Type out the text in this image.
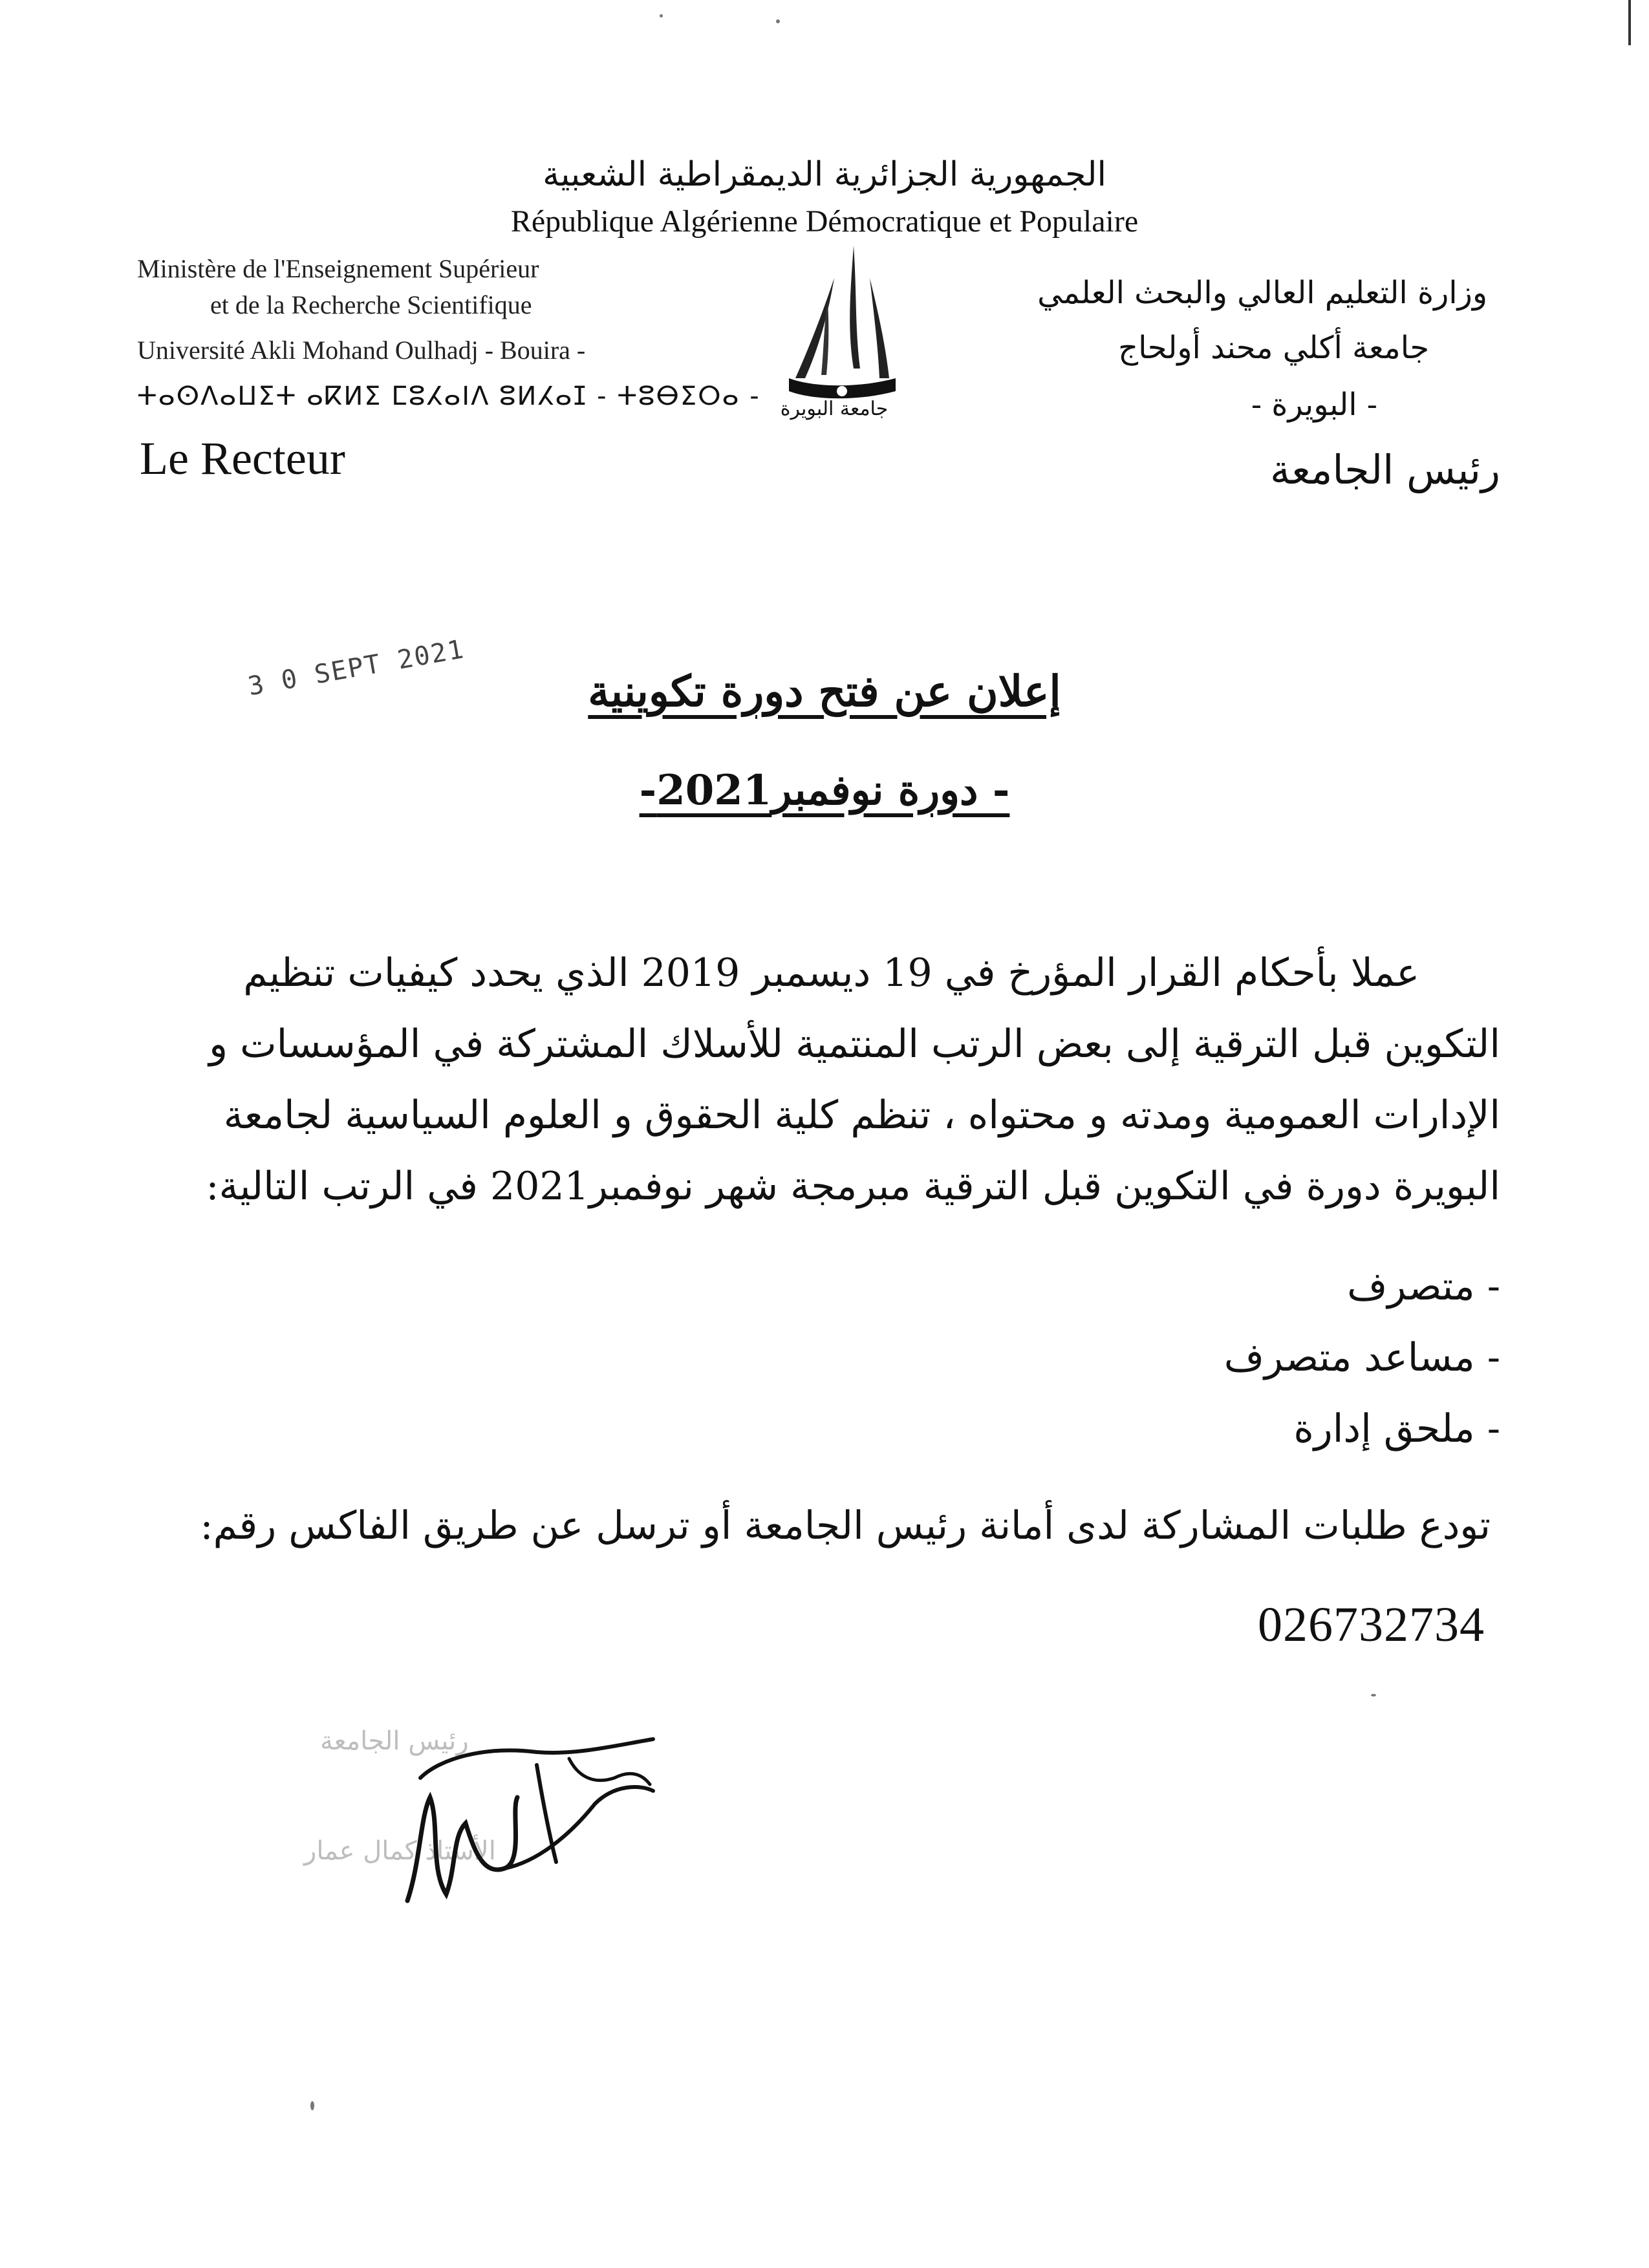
الجمهورية الجزائرية الديمقراطية الشعبية
République Algérienne Démocratique et Populaire
Ministère de l'Enseignement Supérieur
et de la Recherche Scientifique
Université Akli Mohand Oulhadj - Bouira -
ⵜⴰⵙⴷⴰⵡⵉⵜ ⴰⴽⵍⵉ ⵎⵓⵃⴰⵏⴷ ⵓⵍⵃⴰⵊ - ⵜⵓⴱⵉⵔⴰ -
Le Recteur
وزارة التعليم العالي والبحث العلمي
جامعة أكلي محند أولحاج
- البويرة -
رئيس الجامعة
جامعة البويرة
3 0 SEPT 2021	إعلان عن فتح دورة تكوينية
- دورة نوفمبر2021-
عملا بأحكام القرار المؤرخ في 19 ديسمبر 2019 الذي يحدد كيفيات تنظيم
التكوين قبل الترقية إلى بعض الرتب المنتمية للأسلاك المشتركة في المؤسسات و
الإدارات العمومية ومدته و محتواه ، تنظم كلية الحقوق و العلوم السياسية لجامعة
البويرة دورة في التكوين قبل الترقية مبرمجة شهر نوفمبر2021 في الرتب التالية:
- متصرف
- مساعد متصرف
- ملحق إدارة
تودع طلبات المشاركة لدى أمانة رئيس الجامعة أو ترسل عن طريق الفاكس رقم:
026732734
رئيس الجامعة
الأستاذ كمال عمار
